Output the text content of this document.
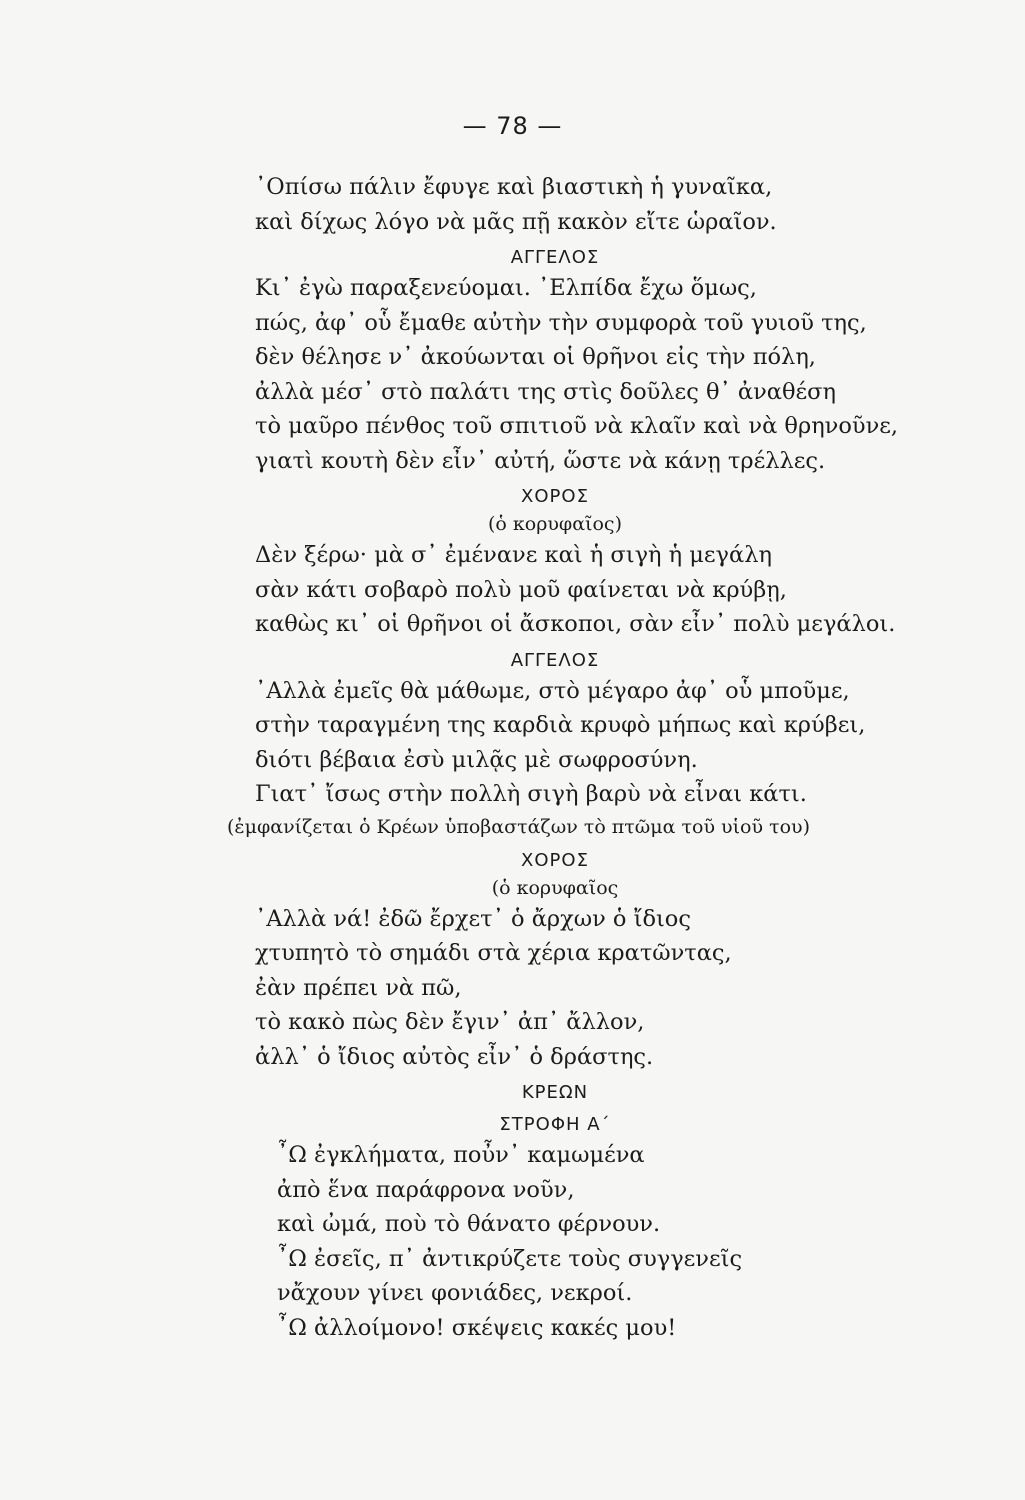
— 78 —
᾿Οπίσω πάλιν ἔφυγε καὶ βιαστικὴ ἡ γυναῖκα,
καὶ δίχως λόγο νὰ μᾶς πῇ κακὸν εἴτε ὡραῖον.
ΑΓΓΕΛΟΣ
Κι᾿ ἐγὼ παραξενεύομαι. ᾿Ελπίδα ἔχω ὅμως,
πώς, ἀφ᾿ οὗ ἔμαθε αὐτὴν τὴν συμφορὰ τοῦ γυιοῦ της,
δὲν θέλησε ν᾿ ἀκούωνται οἱ θρῆνοι εἰς τὴν πόλη,
ἀλλὰ μέσ᾿ στὸ παλάτι της στὶς δοῦλες θ᾿ ἀναθέση
τὸ μαῦρο πένθος τοῦ σπιτιοῦ νὰ κλαῖν καὶ νὰ θρηνοῦνε,
γιατὶ κουτὴ δὲν εἶν᾿ αὐτή, ὥστε νὰ κάνῃ τρέλλες.
ΧΟΡΟΣ
(ὁ κορυφαῖος)
Δὲν ξέρω· μὰ σ᾿ ἐμένανε καὶ ἡ σιγὴ ἡ μεγάλη
σὰν κάτι σοβαρὸ πολὺ μοῦ φαίνεται νὰ κρύβῃ,
καθὼς κι᾿ οἱ θρῆνοι οἱ ἄσκοποι, σὰν εἶν᾿ πολὺ μεγάλοι.
ΑΓΓΕΛΟΣ
᾿Αλλὰ ἐμεῖς θὰ μάθωμε, στὸ μέγαρο ἀφ᾿ οὗ μποῦμε,
στὴν ταραγμένη της καρδιὰ κρυφὸ μήπως καὶ κρύβει,
διότι βέβαια ἐσὺ μιλᾷς μὲ σωφροσύνη.
Γιατ᾿ ἴσως στὴν πολλὴ σιγὴ βαρὺ νὰ εἶναι κάτι.
(ἐμφανίζεται ὁ Κρέων ὑποβαστάζων τὸ πτῶμα τοῦ υἱοῦ του)
ΧΟΡΟΣ
(ὁ κορυφαῖος
᾿Αλλὰ νά! ἐδῶ ἔρχετ᾿ ὁ ἄρχων ὁ ἴδιος
χτυπητὸ τὸ σημάδι στὰ χέρια κρατῶντας,
ἐὰν πρέπει νὰ πῶ,
τὸ κακὸ πὼς δὲν ἔγιν᾿ ἀπ᾿ ἄλλον,
ἀλλ᾿ ὁ ἴδιος αὐτὸς εἶν᾿ ὁ δράστης.
ΚΡΕΩΝ
ΣΤΡΟΦΗ Α΄
῏Ω ἐγκλήματα, ποὖν᾿ καμωμένα
ἀπὸ ἕνα παράφρονα νοῦν,
καὶ ὠμά, ποὺ τὸ θάνατο φέρνουν.
῏Ω ἐσεῖς, π᾿ ἀντικρύζετε τοὺς συγγενεῖς
νἄχουν γίνει φονιάδες, νεκροί.
῏Ω ἀλλοίμονο! σκέψεις κακές μου!
